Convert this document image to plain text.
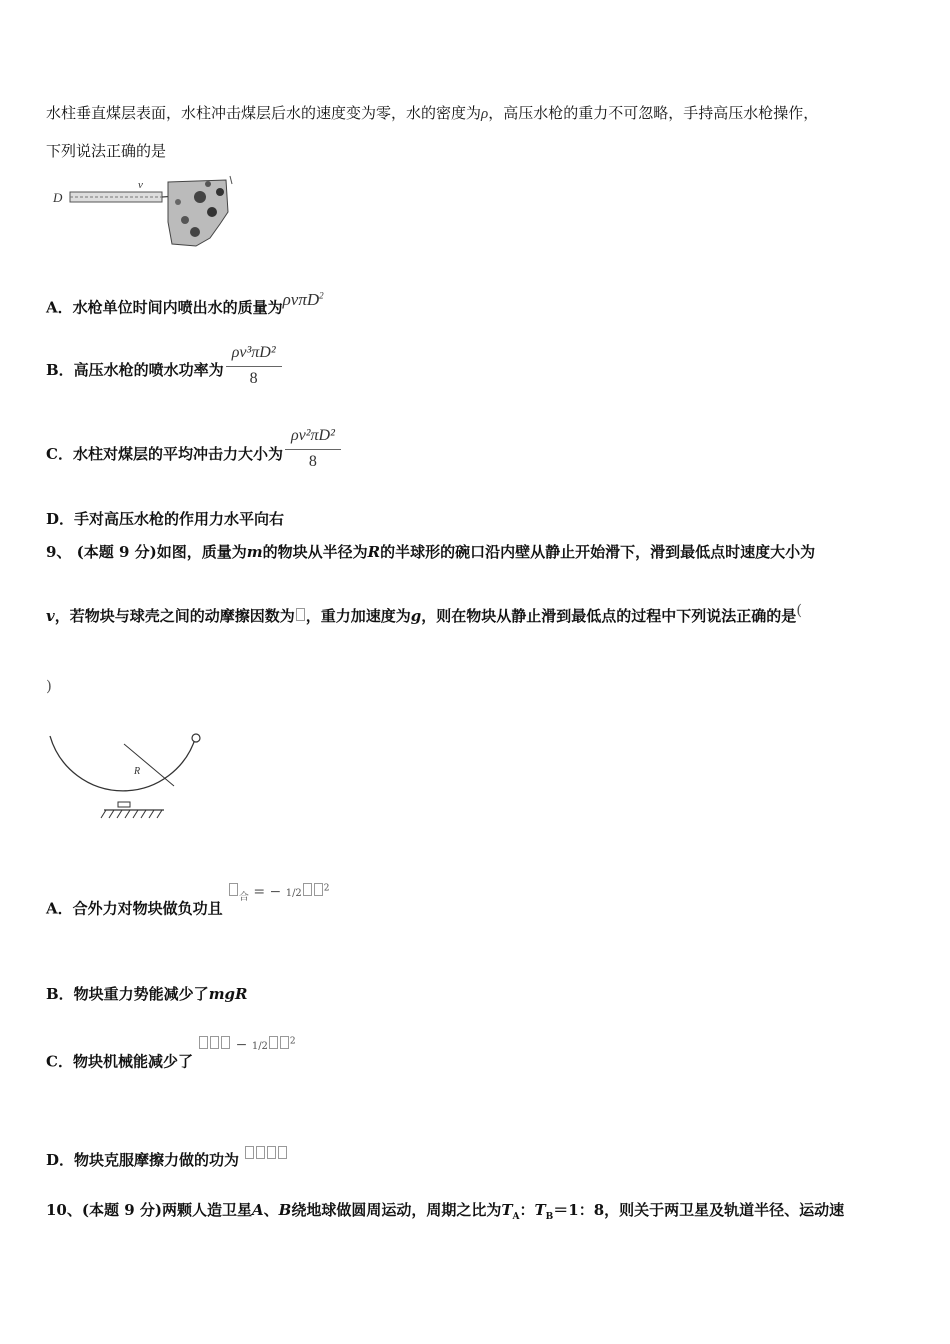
水柱垂直煤层表面，水柱冲击煤层后水的速度变为零，水的密度为ρ，高压水枪的重力不可忽略，手持高压水枪操作，
下列说法正确的是
D
v
A．水枪单位时间内喷出水的质量为ρvπD$^2$
B．高压水枪的喷水功率为 $\frac{\text{ρv³πD²}}{8}$
C．水柱对煤层的平均冲击力大小为 $\frac{\text{ρv²πD²}}{8}$
D．手对高压水枪的作用力水平向右
9、 (本题 9 分)如图，质量为m的物块从半径为R的半球形的碗口沿内壁从静止开始滑下，滑到最低点时速度大小为
v，若物块与球壳之间的动摩擦因数为 ，重力加速度为g，则在物块从静止滑到最低点的过程中下列说法正确的是(
)
R
A．合外力对物块做负功且 $_合$ = − 1/2 $^2$
B．物块重力势能减少了mgR
C．物块机械能减少了  − 1/2 $^2$
D．物块克服摩擦力做的功为
10、(本题 9 分)两颗人造卫星A、B绕地球做圆周运动，周期之比为$T_A$：$T_B=1$：8，则关于两卫星及轨道半径、运动速
